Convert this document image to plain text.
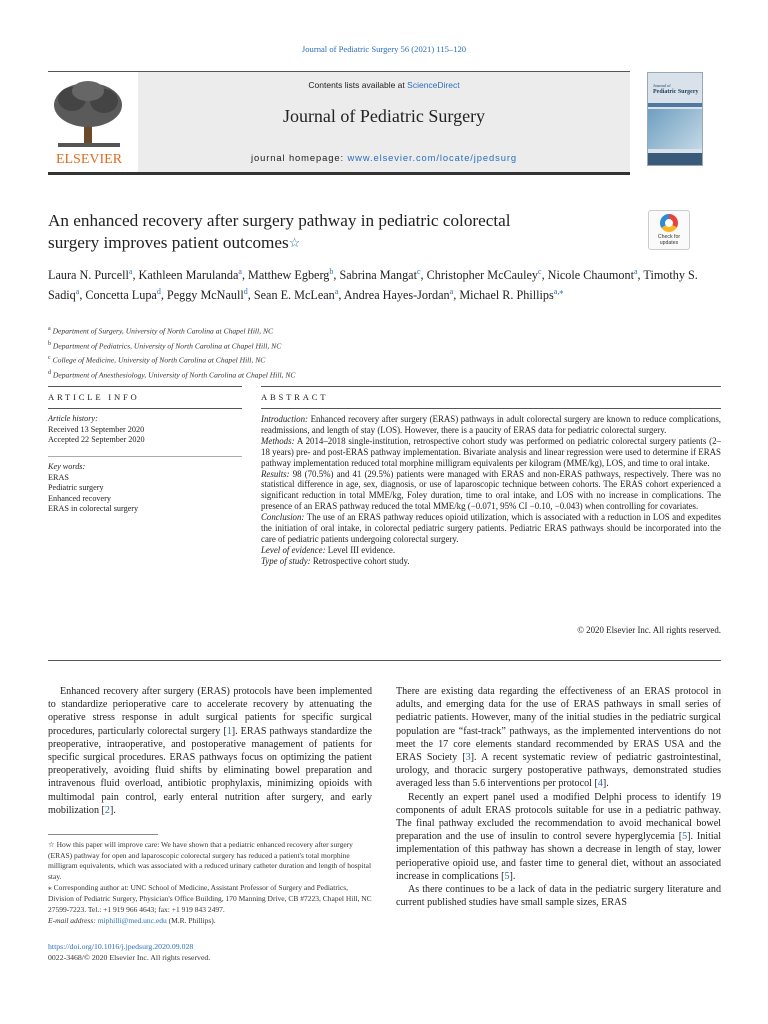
Journal of Pediatric Surgery 56 (2021) 115–120
ELSEVIER
Contents lists available at ScienceDirect
Journal of Pediatric Surgery
journal homepage: www.elsevier.com/locate/jpedsurg
Journal of
Pediatric Surgery
An enhanced recovery after surgery pathway in pediatric colorectal
surgery improves patient outcomes☆	Check for updates
Laura N. Purcell$^a$, Kathleen Marulanda$^a$, Matthew Egberg$^b$, Sabrina Mangat$^c$, Christopher McCauley$^c$, Nicole Chaumont$^a$, Timothy S. Sadiq$^a$, Concetta Lupa$^d$, Peggy McNaull$^d$, Sean E. McLean$^a$, Andrea Hayes-Jordan$^a$, Michael R. Phillips$^{a,⁎}$
$^a$ Department of Surgery, University of North Carolina at Chapel Hill, NC
$^b$ Department of Pediatrics, University of North Carolina at Chapel Hill, NC
$^c$ College of Medicine, University of North Carolina at Chapel Hill, NC
$^d$ Department of Anesthesiology, University of North Carolina at Chapel Hill, NC
ARTICLE INFO	ABSTRACT
Article history:
Received 13 September 2020
Accepted 22 September 2020
Key words:
ERAS
Pediatric surgery
Enhanced recovery
ERAS in colorectal surgery

Introduction: Enhanced recovery after surgery (ERAS) pathways in adult colorectal surgery are known to reduce complications, readmissions, and length of stay (LOS). However, there is a paucity of ERAS data for pediatric colorectal surgery.

Methods: A 2014–2018 single-institution, retrospective cohort study was performed on pediatric colorectal surgery patients (2–18 years) pre- and post-ERAS pathway implementation. Bivariate analysis and linear regression were used to determine if ERAS pathway implementation reduced total morphine milligram equivalents per kilogram (MME/kg), LOS, and time to oral intake.

Results: 98 (70.5%) and 41 (29.5%) patients were managed with ERAS and non-ERAS pathways, respectively. There was no statistical difference in age, sex, diagnosis, or use of laparoscopic technique between cohorts. The ERAS cohort experienced a significant reduction in total MME/kg, Foley duration, time to oral intake, and LOS with no increase in complications. The presence of an ERAS pathway reduced the total MME/kg (−0.071, 95% CI −0.10, −0.043) when controlling for covariates.

Conclusion: The use of an ERAS pathway reduces opioid utilization, which is associated with a reduction in LOS and expedites the initiation of oral intake, in colorectal pediatric surgery patients. Pediatric ERAS pathways should be incorporated into the care of pediatric patients undergoing colorectal surgery.

Level of evidence: Level III evidence.

Type of study: Retrospective cohort study.

© 2020 Elsevier Inc. All rights reserved.

Enhanced recovery after surgery (ERAS) protocols have been implemented to standardize perioperative care to accelerate recovery by attenuating the operative stress response in adult surgical patients for specific surgical procedures, particularly colorectal surgery [1]. ERAS pathways standardize the preoperative, intraoperative, and postoperative management of patients for specific surgical procedures. ERAS pathways focus on optimizing the patient preoperatively, avoiding fluid shifts by eliminating bowel preparation and intravenous fluid overload, antibiotic prophylaxis, minimizing opioids with multimodal pain control, early enteral nutrition after surgery, and early mobilization [2].

There are existing data regarding the effectiveness of an ERAS protocol in adults, and emerging data for the use of ERAS pathways in small series of pediatric patients. However, many of the initial studies in the pediatric surgical population are “fast-track” pathways, as the implemented interventions do not meet the 17 core elements standard recommended by ERAS USA and the ERAS Society [3]. A recent systematic review of pediatric gastrointestinal, urology, and thoracic surgery postoperative pathways, demonstrated studies averaged less than 5.6 interventions per protocol [4].

Recently an expert panel used a modified Delphi process to identify 19 components of adult ERAS protocols suitable for use in a pediatric pathway. The final pathway excluded the recommendation to avoid mechanical bowel preparation and the use of insulin to control severe hyperglycemia [5]. Initial implementation of this pathway has shown a decrease in length of stay, lower perioperative opioid use, and faster time to general diet, without an associated increase in complications [5].

As there continues to be a lack of data in the pediatric surgery literature and current published studies have small sample sizes, ERAS

☆ How this paper will improve care: We have shown that a pediatric enhanced recovery after surgery (ERAS) pathway for open and laparoscopic colorectal surgery has reduced a patient's total morphine milligram equivalents, which was associated with a reduced urinary catheter duration and length of hospital stay.

⁎ Corresponding author at: UNC School of Medicine, Assistant Professor of Surgery and Pediatrics, Division of Pediatric Surgery, Physician's Office Building, 170 Manning Drive, CB #7223, Chapel Hill, NC 27599-7223. Tel.: +1 919 966 4643; fax: +1 919 843 2497.

E-mail address: miphilli@med.unc.edu (M.R. Phillips).

https://doi.org/10.1016/j.jpedsurg.2020.09.028
0022-3468/© 2020 Elsevier Inc. All rights reserved.
